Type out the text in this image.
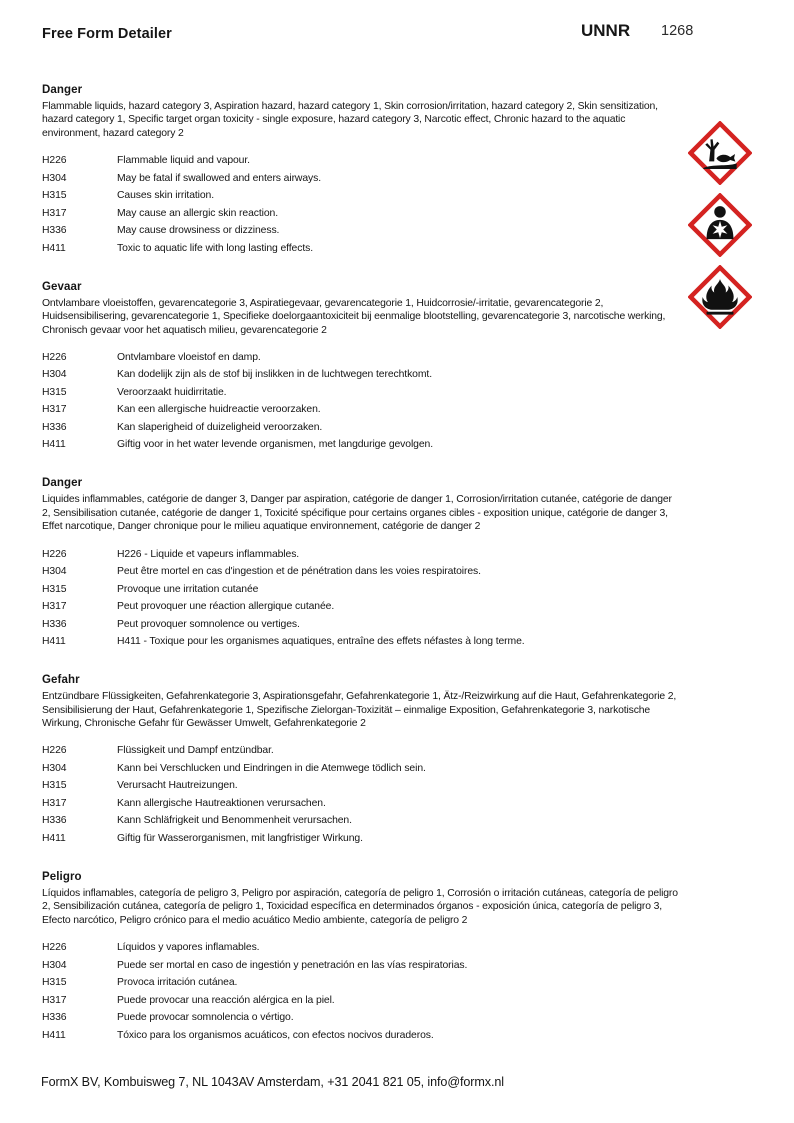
Free Form Detailer	UNNR 1268
Danger

Flammable liquids, hazard category 3, Aspiration hazard, hazard category 1, Skin corrosion/irritation, hazard category 2, Skin sensitization, hazard category 1, Specific target organ toxicity - single exposure, hazard category 3, Narcotic effect, Chronic hazard to the aquatic environment, hazard category 2

H226	Flammable liquid and vapour.
H304	May be fatal if swallowed and enters airways.
H315	Causes skin irritation.
H317	May cause an allergic skin reaction.
H336	May cause drowsiness or dizziness.
H411	Toxic to aquatic life with long lasting effects.
Gevaar

Ontvlambare vloeistoffen, gevarencategorie 3, Aspiratiegevaar, gevarencategorie 1, Huidcorrosie/-irritatie, gevarencategorie 2, Huidsensibilisering, gevarencategorie 1, Specifieke doelorgaantoxiciteit bij eenmalige blootstelling, gevarencategorie 3, narcotische werking, Chronisch gevaar voor het aquatisch milieu, gevarencategorie 2

H226	Ontvlambare vloeistof en damp.
H304	Kan dodelijk zijn als de stof bij inslikken in de luchtwegen terechtkomt.
H315	Veroorzaakt huidirritatie.
H317	Kan een allergische huidreactie veroorzaken.
H336	Kan slaperigheid of duizeligheid veroorzaken.
H411	Giftig voor in het water levende organismen, met langdurige gevolgen.
Danger

Liquides inflammables, catégorie de danger 3, Danger par aspiration, catégorie de danger 1, Corrosion/irritation cutanée, catégorie de danger 2, Sensibilisation cutanée, catégorie de danger 1, Toxicité spécifique pour certains organes cibles - exposition unique, catégorie de danger 3, Effet narcotique, Danger chronique pour le milieu aquatique environnement, catégorie de danger 2

H226	H226 - Liquide et vapeurs inflammables.
H304	Peut être mortel en cas d'ingestion et de pénétration dans les voies respiratoires.
H315	Provoque une irritation cutanée
H317	Peut provoquer une réaction allergique cutanée.
H336	Peut provoquer somnolence ou vertiges.
H411	H411 - Toxique pour les organismes aquatiques, entraîne des effets néfastes à long terme.
Gefahr

Entzündbare Flüssigkeiten, Gefahrenkategorie 3, Aspirationsgefahr, Gefahrenkategorie 1, Ätz-/Reizwirkung auf die Haut, Gefahrenkategorie 2, Sensibilisierung der Haut, Gefahrenkategorie 1, Spezifische Zielorgan-Toxizität – einmalige Exposition, Gefahrenkategorie 3, narkotische Wirkung, Chronische Gefahr für Gewässer Umwelt, Gefahrenkategorie 2

H226	Flüssigkeit und Dampf entzündbar.
H304	Kann bei Verschlucken und Eindringen in die Atemwege tödlich sein.
H315	Verursacht Hautreizungen.
H317	Kann allergische Hautreaktionen verursachen.
H336	Kann Schläfrigkeit und Benommenheit verursachen.
H411	Giftig für Wasserorganismen, mit langfristiger Wirkung.
Peligro

Líquidos inflamables, categoría de peligro 3, Peligro por aspiración, categoría de peligro 1, Corrosión o irritación cutáneas, categoría de peligro 2, Sensibilización cutánea, categoría de peligro 1, Toxicidad específica en determinados órganos - exposición única, categoría de peligro 3, Efecto narcótico, Peligro crónico para el medio acuático Medio ambiente, categoría de peligro 2

H226	Líquidos y vapores inflamables.
H304	Puede ser mortal en caso de ingestión y penetración en las vías respiratorias.
H315	Provoca irritación cutánea.
H317	Puede provocar una reacción alérgica en la piel.
H336	Puede provocar somnolencia o vértigo.
H411	Tóxico para los organismos acuáticos, con efectos nocivos duraderos.
FormX BV, Kombuisweg 7, NL 1043AV Amsterdam, +31 2041 821 05, info@formx.nl
